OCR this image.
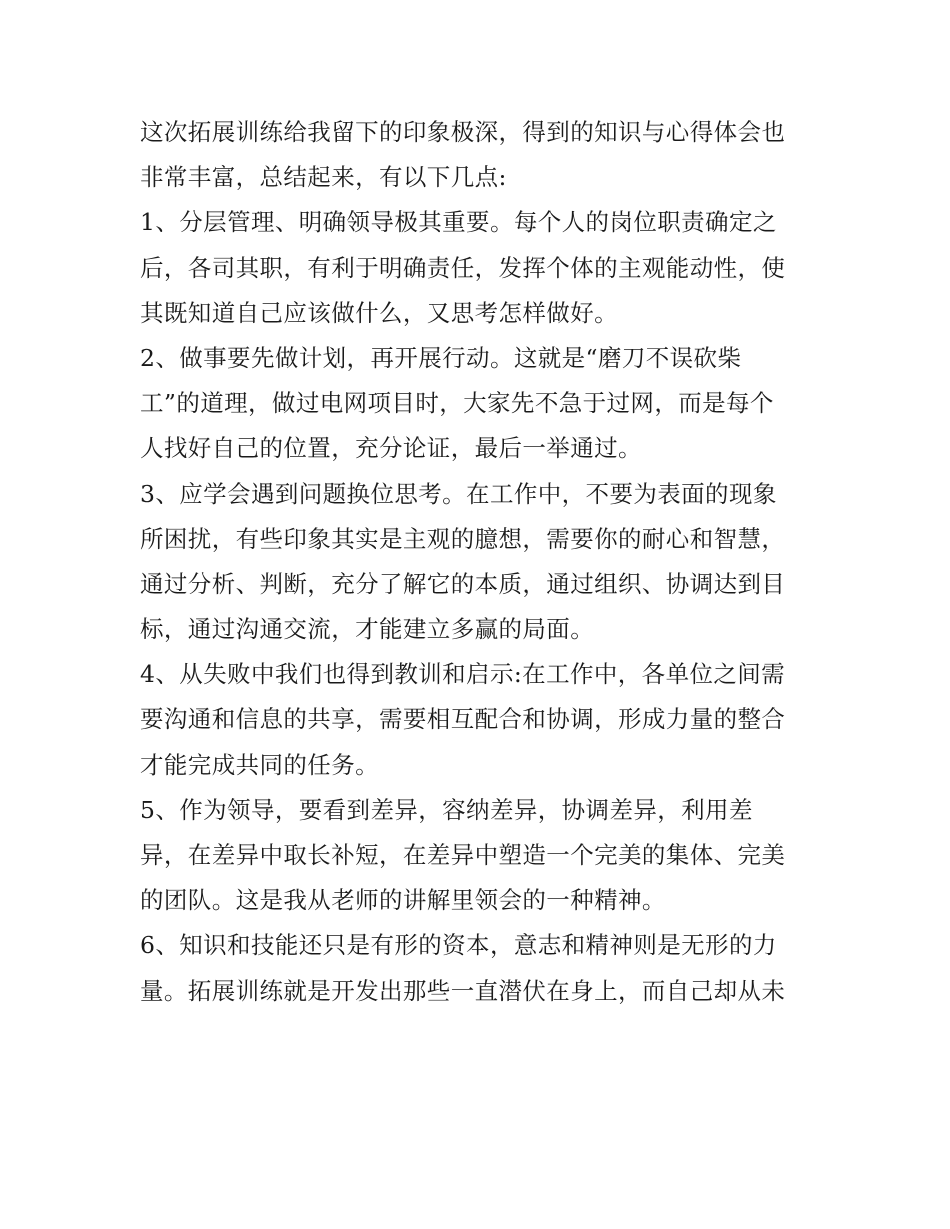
这次拓展训练给我留下的印象极深，得到的知识与心得体会也
非常丰富，总结起来，有以下几点:
1、分层管理、明确领导极其重要。每个人的岗位职责确定之
后，各司其职，有利于明确责任，发挥个体的主观能动性，使
其既知道自己应该做什么，又思考怎样做好。
2、做事要先做计划，再开展行动。这就是“磨刀不误砍柴
工”的道理，做过电网项目时，大家先不急于过网，而是每个
人找好自己的位置，充分论证，最后一举通过。
3、应学会遇到问题换位思考。在工作中，不要为表面的现象
所困扰，有些印象其实是主观的臆想，需要你的耐心和智慧，
通过分析、判断，充分了解它的本质，通过组织、协调达到目
标，通过沟通交流，才能建立多赢的局面。
4、从失败中我们也得到教训和启示:在工作中，各单位之间需
要沟通和信息的共享，需要相互配合和协调，形成力量的整合
才能完成共同的任务。
5、作为领导，要看到差异，容纳差异，协调差异，利用差
异，在差异中取长补短，在差异中塑造一个完美的集体、完美
的团队。这是我从老师的讲解里领会的一种精神。
6、知识和技能还只是有形的资本，意志和精神则是无形的力
量。拓展训练就是开发出那些一直潜伏在身上，而自己却从未
